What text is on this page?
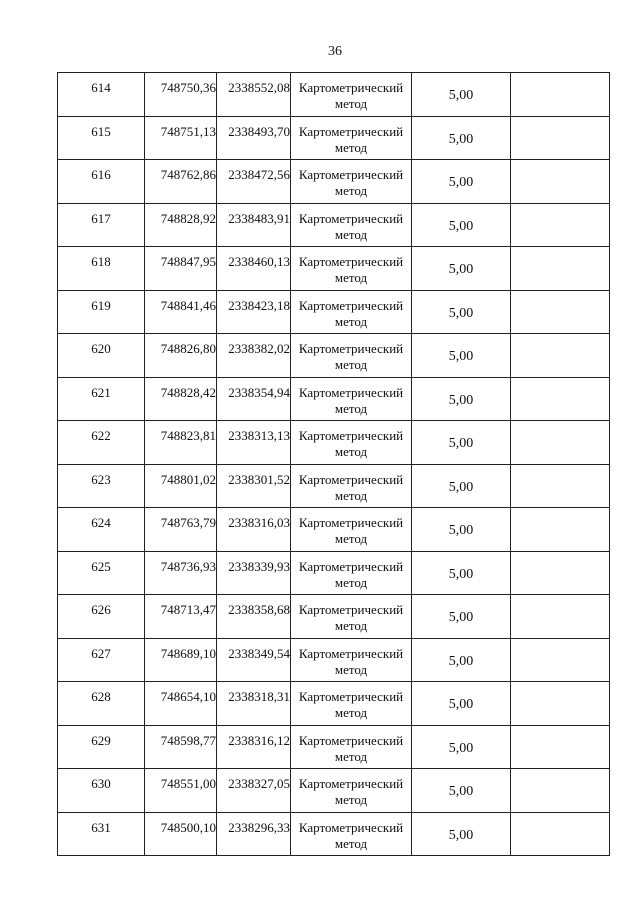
36
614	748750,36	2338552,08	Картометрический метод	5,00	

615	748751,13	2338493,70	Картометрический метод	5,00	

616	748762,86	2338472,56	Картометрический метод	5,00	

617	748828,92	2338483,91	Картометрический метод	5,00	

618	748847,95	2338460,13	Картометрический метод	5,00	

619	748841,46	2338423,18	Картометрический метод	5,00	

620	748826,80	2338382,02	Картометрический метод	5,00	

621	748828,42	2338354,94	Картометрический метод	5,00	

622	748823,81	2338313,13	Картометрический метод	5,00	

623	748801,02	2338301,52	Картометрический метод	5,00	

624	748763,79	2338316,03	Картометрический метод	5,00	

625	748736,93	2338339,93	Картометрический метод	5,00	

626	748713,47	2338358,68	Картометрический метод	5,00	

627	748689,10	2338349,54	Картометрический метод	5,00	

628	748654,10	2338318,31	Картометрический метод	5,00	

629	748598,77	2338316,12	Картометрический метод	5,00	

630	748551,00	2338327,05	Картометрический метод	5,00	

631	748500,10	2338296,33	Картометрический метод	5,00	
